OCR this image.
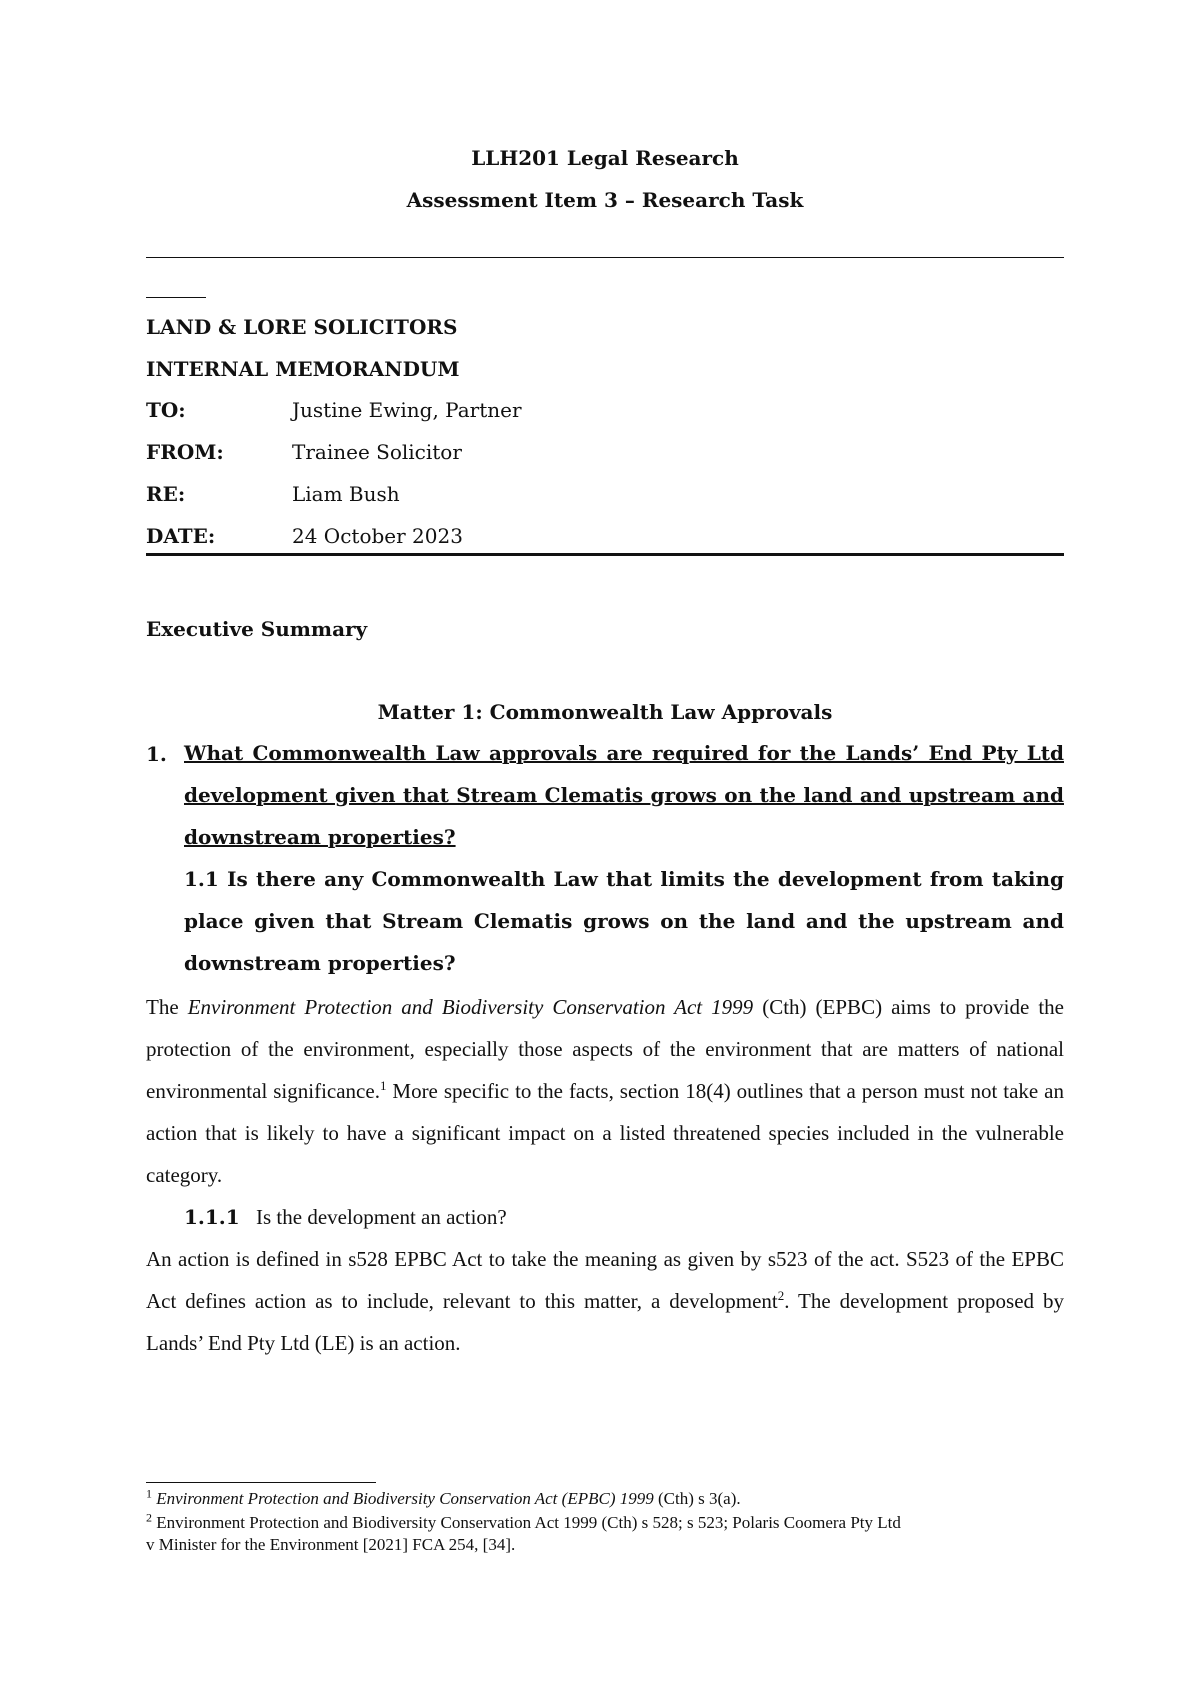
LLH201 Legal Research
Assessment Item 3 – Research Task
LAND & LORE SOLICITORS
INTERNAL MEMORANDUM
TO:	Justine Ewing, Partner
FROM:	Trainee Solicitor
RE:	Liam Bush
DATE:	24 October 2023
Executive Summary
Matter 1: Commonwealth Law Approvals
1. What Commonwealth Law approvals are required for the Lands’ End Pty Ltd development given that Stream Clematis grows on the land and upstream and downstream properties?
1.1 Is there any Commonwealth Law that limits the development from taking place given that Stream Clematis grows on the land and the upstream and downstream properties?
The Environment Protection and Biodiversity Conservation Act 1999 (Cth) (EPBC) aims to provide the protection of the environment, especially those aspects of the environment that are matters of national environmental significance.$^1$ More specific to the facts, section 18(4) outlines that a person must not take an action that is likely to have a significant impact on a listed threatened species included in the vulnerable category.
1.1.1 Is the development an action?
An action is defined in s528 EPBC Act to take the meaning as given by s523 of the act. S523 of the EPBC Act defines action as to include, relevant to this matter, a development$^2$. The development proposed by Lands’ End Pty Ltd (LE) is an action.
$^1$ Environment Protection and Biodiversity Conservation Act (EPBC) 1999 (Cth) s 3(a).
$^2$ Environment Protection and Biodiversity Conservation Act 1999 (Cth) s 528; s 523; Polaris Coomera Pty Ltd
v Minister for the Environment [2021] FCA 254, [34].
